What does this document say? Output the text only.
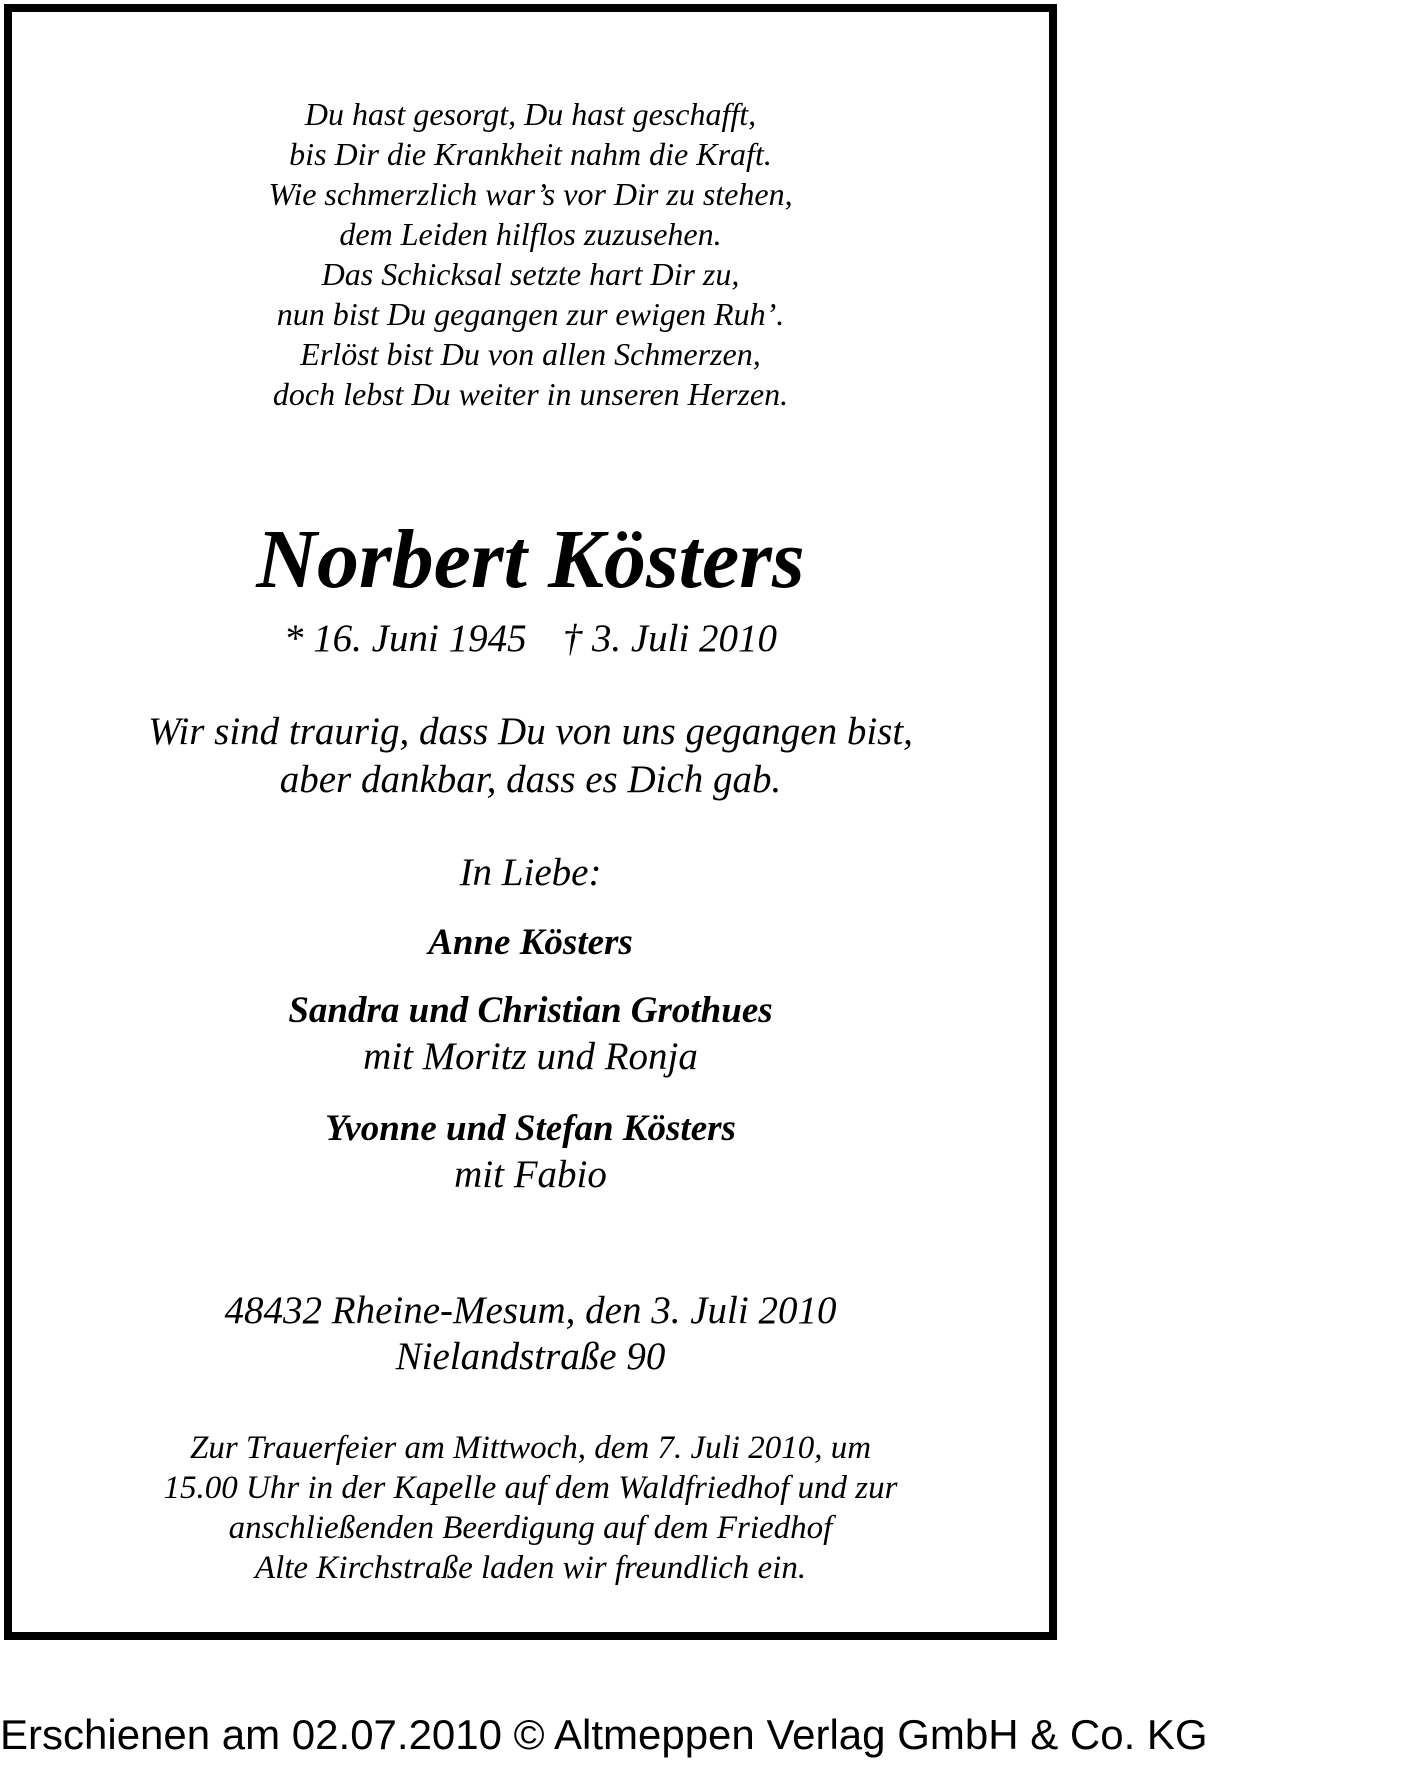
Du hast gesorgt, Du hast geschafft,
bis Dir die Krankheit nahm die Kraft.
Wie schmerzlich war’s vor Dir zu stehen,
dem Leiden hilflos zuzusehen.
Das Schicksal setzte hart Dir zu,
nun bist Du gegangen zur ewigen Ruh’.
Erlöst bist Du von allen Schmerzen,
doch lebst Du weiter in unseren Herzen.
Norbert Kösters
* 16. Juni 1945 † 3. Juli 2010
Wir sind traurig, dass Du von uns gegangen bist,
aber dankbar, dass es Dich gab.
In Liebe:
Anne Kösters
Sandra und Christian Grothues
mit Moritz und Ronja
Yvonne und Stefan Kösters
mit Fabio
48432 Rheine-Mesum, den 3. Juli 2010
Nielandstraße 90
Zur Trauerfeier am Mittwoch, dem 7. Juli 2010, um
15.00 Uhr in der Kapelle auf dem Waldfriedhof und zur
anschließenden Beerdigung auf dem Friedhof
Alte Kirchstraße laden wir freundlich ein.
Erschienen am 02.07.2010 © Altmeppen Verlag GmbH & Co. KG
